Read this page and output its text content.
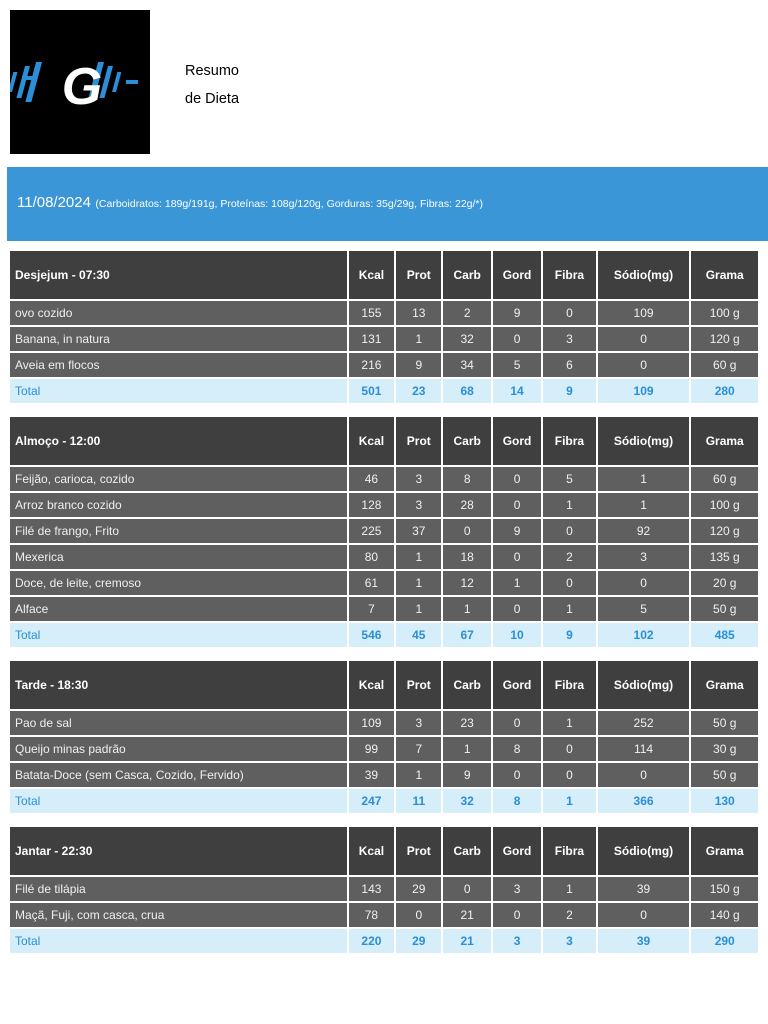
G	Resumo
de Dieta
11/08/2024 (Carboidratos: 189g/191g, Proteínas: 108g/120g, Gorduras: 35g/29g, Fibras: 22g/*)
Desjejum - 07:30	Kcal	Prot	Carb	Gord	Fibra	Sódio(mg)	Grama
ovo cozido	155	13	2	9	0	109	100 g
Banana, in natura	131	1	32	0	3	0	120 g
Aveia em flocos	216	9	34	5	6	0	60 g
Total	501	23	68	14	9	109	280
Almoço - 12:00	Kcal	Prot	Carb	Gord	Fibra	Sódio(mg)	Grama
Feijão, carioca, cozido	46	3	8	0	5	1	60 g
Arroz branco cozido	128	3	28	0	1	1	100 g
Filé de frango, Frito	225	37	0	9	0	92	120 g
Mexerica	80	1	18	0	2	3	135 g
Doce, de leite, cremoso	61	1	12	1	0	0	20 g
Alface	7	1	1	0	1	5	50 g
Total	546	45	67	10	9	102	485
Tarde - 18:30	Kcal	Prot	Carb	Gord	Fibra	Sódio(mg)	Grama
Pao de sal	109	3	23	0	1	252	50 g
Queijo minas padrão	99	7	1	8	0	114	30 g
Batata-Doce (sem Casca, Cozido, Fervido)	39	1	9	0	0	0	50 g
Total	247	11	32	8	1	366	130
Jantar - 22:30	Kcal	Prot	Carb	Gord	Fibra	Sódio(mg)	Grama
Filé de tilápia	143	29	0	3	1	39	150 g
Maçã, Fuji, com casca, crua	78	0	21	0	2	0	140 g
Total	220	29	21	3	3	39	290
